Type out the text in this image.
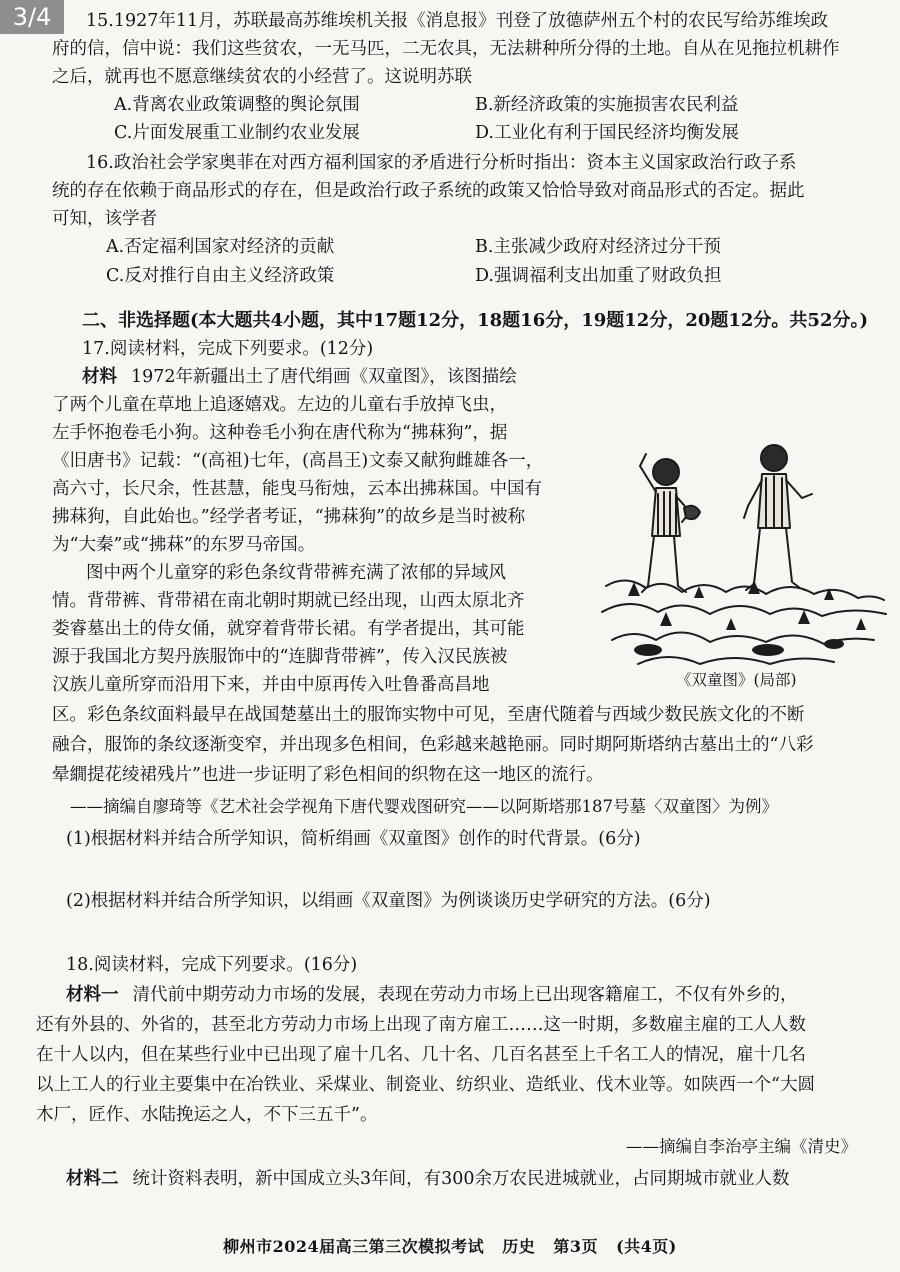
3/4	15.1927年11月，苏联最高苏维埃机关报《消息报》刊登了放德萨州五个村的农民写给苏维埃政
府的信，信中说：我们这些贫农，一无马匹，二无农具，无法耕种所分得的土地。自从在见拖拉机耕作
之后，就再也不愿意继续贫农的小经营了。这说明苏联
A.背离农业政策调整的舆论氛围	B.新经济政策的实施损害农民利益
C.片面发展重工业制约农业发展	D.工业化有利于国民经济均衡发展
16.政治社会学家奥菲在对西方福利国家的矛盾进行分析时指出：资本主义国家政治行政子系
统的存在依赖于商品形式的存在，但是政治行政子系统的政策又恰恰导致对商品形式的否定。据此
可知，该学者
A.否定福利国家对经济的贡献	B.主张减少政府对经济过分干预
C.反对推行自由主义经济政策	D.强调福利支出加重了财政负担
二、非选择题(本大题共4小题，其中17题12分，18题16分，19题12分，20题12分。共52分。)
17.阅读材料，完成下列要求。(12分)
材料 1972年新疆出土了唐代绢画《双童图》，该图描绘
了两个儿童在草地上追逐嬉戏。左边的儿童右手放掉飞虫，
左手怀抱卷毛小狗。这种卷毛小狗在唐代称为“拂菻狗”，据
《旧唐书》记载：“(高祖)七年，(高昌王)文泰又献狗雌雄各一，
高六寸，长尺余，性甚慧，能曳马衔烛，云本出拂菻国。中国有
拂菻狗，自此始也。”经学者考证，“拂菻狗”的故乡是当时被称
为“大秦”或“拂菻”的东罗马帝国。
图中两个儿童穿的彩色条纹背带裤充满了浓郁的异域风
情。背带裤、背带裙在南北朝时期就已经出现，山西太原北齐
娄睿墓出土的侍女俑，就穿着背带长裙。有学者提出，其可能
源于我国北方契丹族服饰中的“连脚背带裤”，传入汉民族被
汉族儿童所穿而沿用下来，并由中原再传入吐鲁番高昌地
区。彩色条纹面料最早在战国楚墓出土的服饰实物中可见，至唐代随着与西域少数民族文化的不断
融合，服饰的条纹逐渐变窄，并出现多色相间，色彩越来越艳丽。同时期阿斯塔纳古墓出土的“八彩
晕繝提花绫裙残片”也进一步证明了彩色相间的织物在这一地区的流行。
——摘编自廖琦等《艺术社会学视角下唐代婴戏图研究——以阿斯塔那187号墓〈双童图〉为例》
(1)根据材料并结合所学知识，简析绢画《双童图》创作的时代背景。(6分)
(2)根据材料并结合所学知识，以绢画《双童图》为例谈谈历史学研究的方法。(6分)
《双童图》(局部)
18.阅读材料，完成下列要求。(16分)
材料一 清代前中期劳动力市场的发展，表现在劳动力市场上已出现客籍雇工，不仅有外乡的，
还有外县的、外省的，甚至北方劳动力市场上出现了南方雇工……这一时期，多数雇主雇的工人人数
在十人以内，但在某些行业中已出现了雇十几名、几十名、几百名甚至上千名工人的情况，雇十几名
以上工人的行业主要集中在冶铁业、采煤业、制瓷业、纺织业、造纸业、伐木业等。如陕西一个“大圆
木厂，匠作、水陆挽运之人，不下三五千”。
——摘编自李治亭主编《清史》
材料二 统计资料表明，新中国成立头3年间，有300余万农民进城就业，占同期城市就业人数
柳州市2024届高三第三次模拟考试 历史 第3页 (共4页)
